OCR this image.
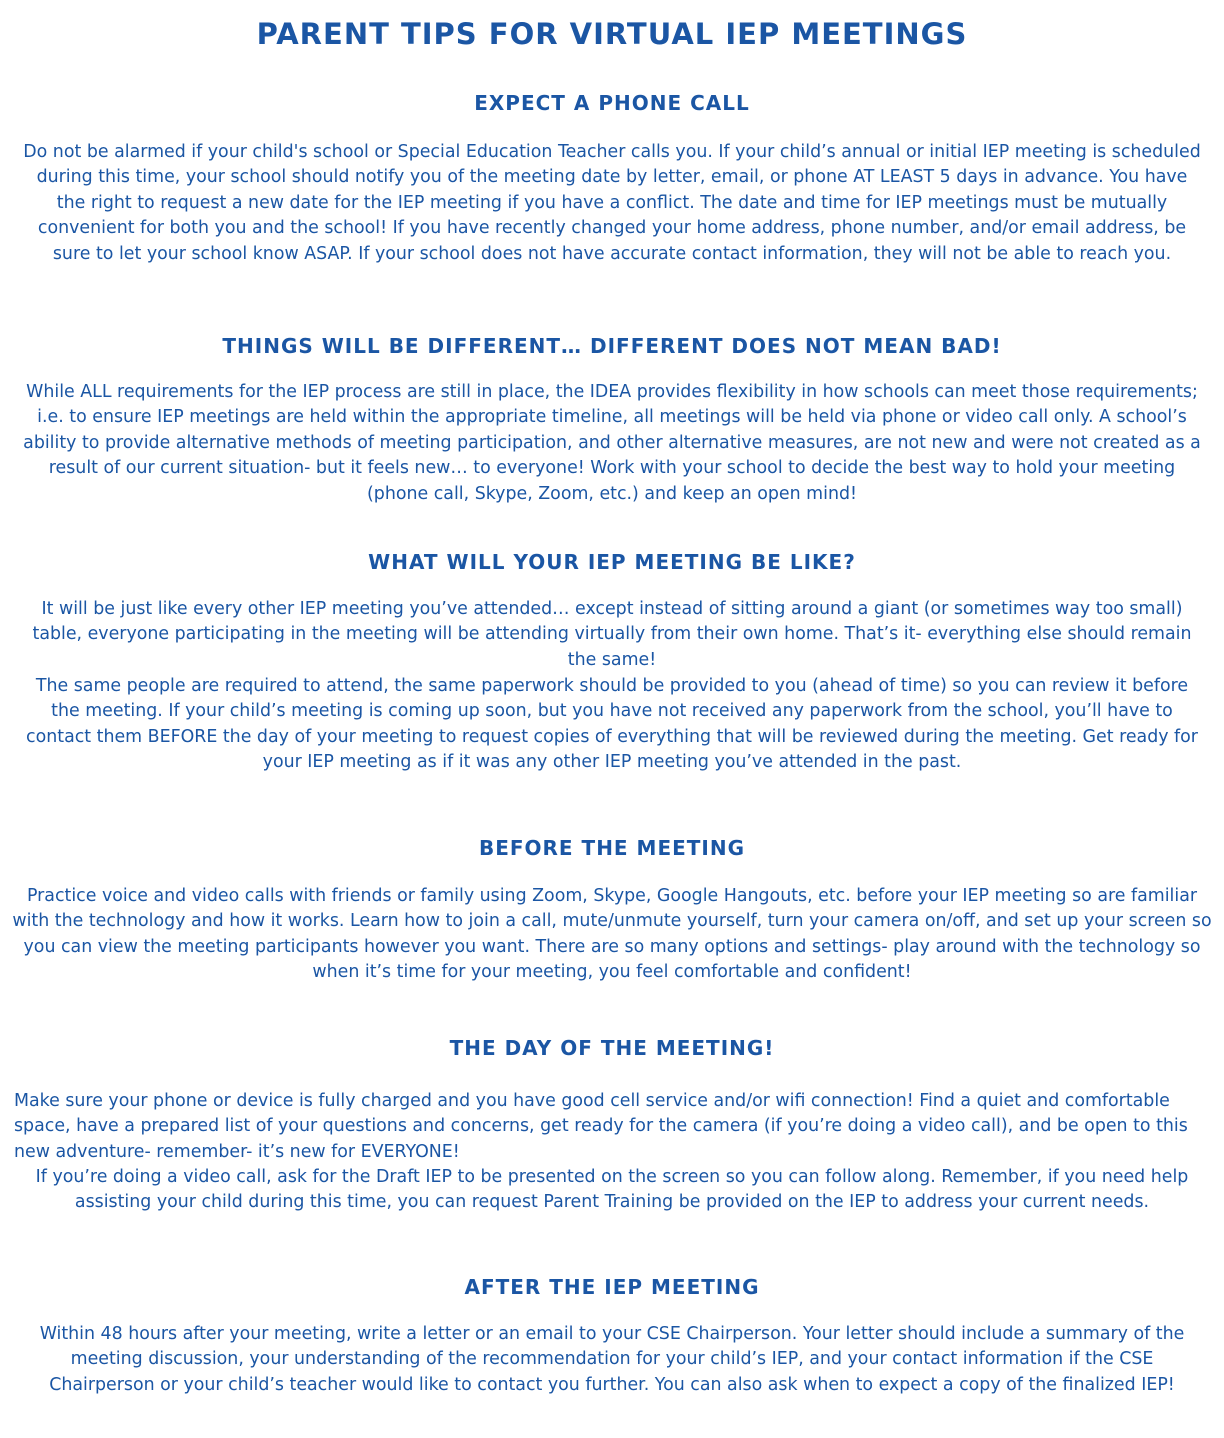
PARENT TIPS FOR VIRTUAL IEP MEETINGS
EXPECT A PHONE CALL

Do not be alarmed if your child's school or Special Education Teacher calls you. If your child’s annual or initial IEP meeting is scheduled during this time, your school should notify you of the meeting date by letter, email, or phone AT LEAST 5 days in advance. You have the right to request a new date for the IEP meeting if you have a conflict. The date and time for IEP meetings must be mutually convenient for both you and the school! If you have recently changed your home address, phone number, and/or email address, be sure to let your school know ASAP. If your school does not have accurate contact information, they will not be able to reach you.

THINGS WILL BE DIFFERENT… DIFFERENT DOES NOT MEAN BAD!

While ALL requirements for the IEP process are still in place, the IDEA provides flexibility in how schools can meet those requirements; i.e. to ensure IEP meetings are held within the appropriate timeline, all meetings will be held via phone or video call only. A school’s ability to provide alternative methods of meeting participation, and other alternative measures, are not new and were not created as a result of our current situation- but it feels new… to everyone! Work with your school to decide the best way to hold your meeting (phone call, Skype, Zoom, etc.) and keep an open mind!

WHAT WILL YOUR IEP MEETING BE LIKE?

It will be just like every other IEP meeting you’ve attended… except instead of sitting around a giant (or sometimes way too small) table, everyone participating in the meeting will be attending virtually from their own home. That’s it- everything else should remain the same!

The same people are required to attend, the same paperwork should be provided to you (ahead of time) so you can review it before the meeting. If your child’s meeting is coming up soon, but you have not received any paperwork from the school, you’ll have to contact them BEFORE the day of your meeting to request copies of everything that will be reviewed during the meeting. Get ready for your IEP meeting as if it was any other IEP meeting you’ve attended in the past.

BEFORE THE MEETING

Practice voice and video calls with friends or family using Zoom, Skype, Google Hangouts, etc. before your IEP meeting so are familiar with the technology and how it works. Learn how to join a call, mute/unmute yourself, turn your camera on/off, and set up your screen so you can view the meeting participants however you want. There are so many options and settings- play around with the technology so when it’s time for your meeting, you feel comfortable and confident!

THE DAY OF THE MEETING!

Make sure your phone or device is fully charged and you have good cell service and/or wifi connection! Find a quiet and comfortable space, have a prepared list of your questions and concerns, get ready for the camera (if you’re doing a video call), and be open to this new adventure- remember- it’s new for EVERYONE!

If you’re doing a video call, ask for the Draft IEP to be presented on the screen so you can follow along. Remember, if you need help assisting your child during this time, you can request Parent Training be provided on the IEP to address your current needs.

AFTER THE IEP MEETING

Within 48 hours after your meeting, write a letter or an email to your CSE Chairperson. Your letter should include a summary of the meeting discussion, your understanding of the recommendation for your child’s IEP, and your contact information if the CSE Chairperson or your child’s teacher would like to contact you further. You can also ask when to expect a copy of the finalized IEP!
